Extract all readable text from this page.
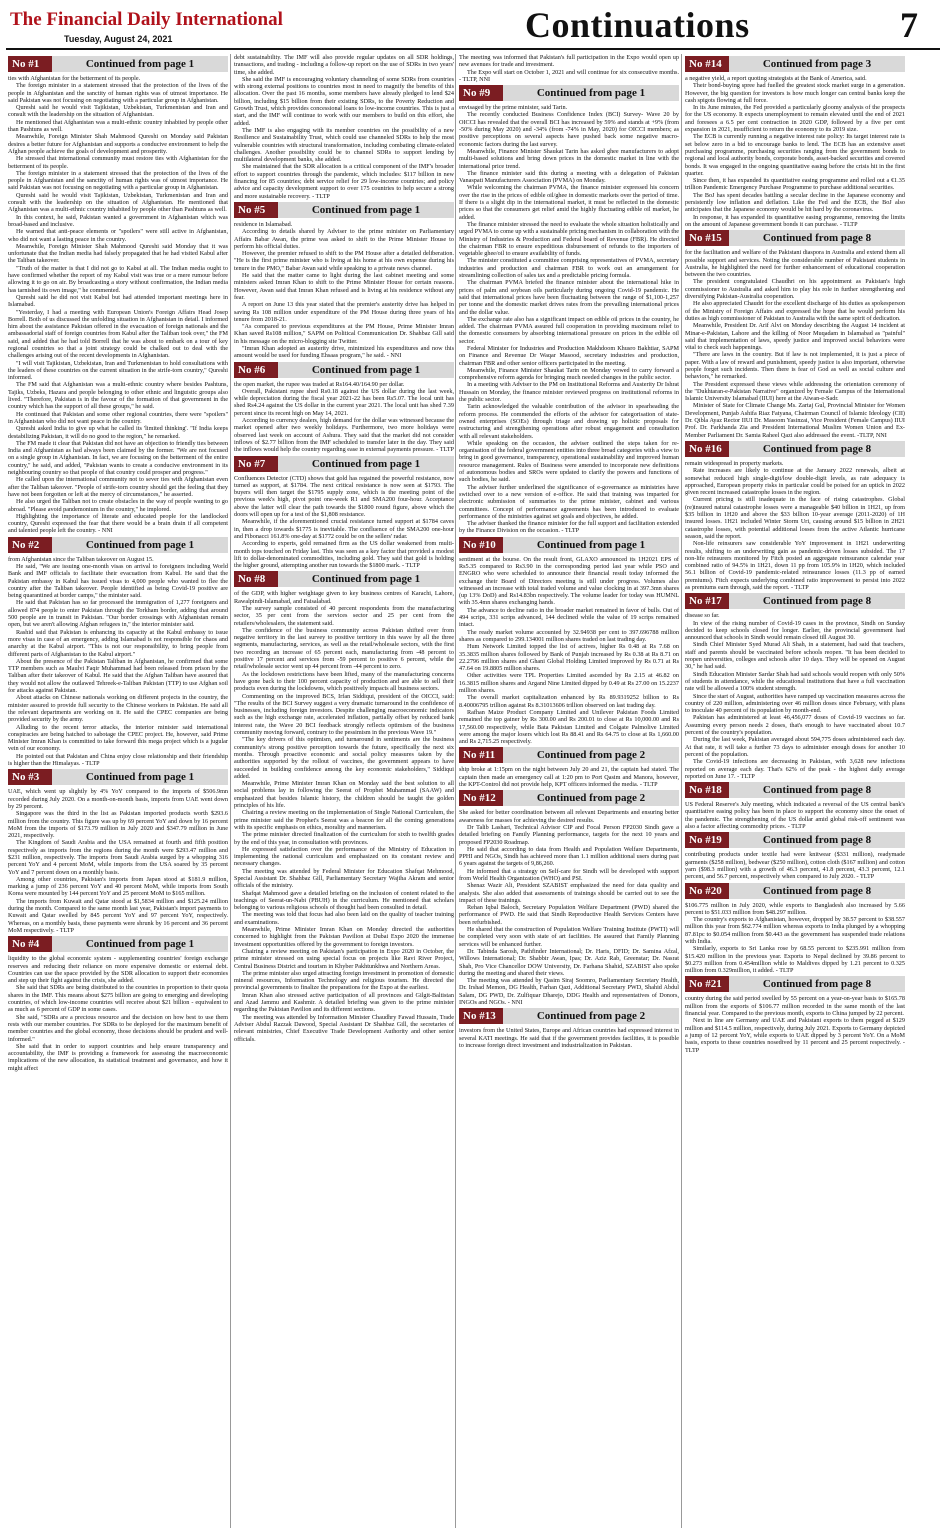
The Financial Daily International
Tuesday, August 24, 2021	Continuations	7
No #1	Continued from page 1

ties with Afghanistan for the betterment of its people.

The foreign minister in a statement stressed that the protection of the lives of the people in Afghanistan and the sanctity of human rights was of utmost importance. He said Pakistan was not focusing on negotiating with a particular group in Afghanistan.

Qureshi said he would visit Tajikistan, Uzbekistan, Turkmenistan and Iran and consult with the leadership on the situation of Afghanistan.

He mentioned that Afghanistan was a multi-ethnic country inhabited by people other than Pashtuns as well.

Meanwhile, Foreign Minister Shah Mahmood Qureshi on Monday said Pakistan desires a better future for Afghanistan and supports a conducive environment to help the Afghan people achieve the goals of development and prosperity.

He stressed that international community must restore ties with Afghanistan for the betterment of its people.

The foreign minister in a statement stressed that the protection of the lives of the people in Afghanistan and the sanctity of human rights was of utmost importance. He said Pakistan was not focusing on negotiating with a particular group in Afghanistan.

Qureshi said he would visit Tajikistan, Uzbekistan, Turkmenistan and Iran and consult with the leadership on the situation of Afghanistan. He mentioned that Afghanistan was a multi-ethnic country inhabited by people other than Pashtuns as well.

In this context, he said, Pakistan wanted a government in Afghanistan which was broad-based and inclusive.

He warned that anti-peace elements or "spoilers" were still active in Afghanistan, who did not want a lasting peace in the country.

Meanwhile, Foreign Minister Shah Mahmood Qureshi said Monday that it was unfortunate that the Indian media had falsely propagated that he had visited Kabul after the Taliban takeover.

"Truth of the matter is that I did not go to Kabul at all. The Indian media ought to have confirmed whether the report of my Kabul visit was true or a mere rumour before allowing it to go on air. By broadcasting a story without confirmation, the Indian media has tarnished its own image," he commented.

Qureshi said he did not visit Kabul but had attended important meetings here in Islamabad.

"Yesterday, I had a meeting with European Union's Foreign Affairs Head Josep Borrell. Both of us discussed the unfolding situation in Afghanistan in detail. I informed him about the assistance Pakistan offered in the evacuation of foreign nationals and the ambassadorial staff of foreign countries from Kabul after the Taliban took over," the FM said, and added that he had told Borrell that he was about to embark on a tour of key regional countries so that a joint strategy could be chalked out to deal with the challenges arising out of the recent developments in Afghanistan.

"I will visit Tajikistan, Uzbekistan, Iran and Turkmenistan to hold consultations with the leaders of these countries on the current situation in the strife-torn country," Qureshi informed.

The FM said that Afghanistan was a multi-ethnic country where besides Pashtuns, Tajiks, Uzbeks, Hazara and people belonging to other ethnic and linguistic groups also lived. "Therefore, Pakistan is in the favour of the formation of that government in the country which has the support of all these groups," he said.

He continued that Pakistan and some other regional countries, there were "spoilers" in Afghanistan who did not want peace in the country.

Qureshi asked India to give up what he called its 'limited thinking'. "If India keeps destabilizing Pakistan, it will do no good to the region," he remarked.

The FM made it clear that Pakistan did not have an objection to friendly ties between India and Afghanistan as had always been claimed by the former. "We are not focused on a single group in Afghanistan. In fact, we are focusing on the betterment of the entire country," he said, and added, "Pakistan wants to create a conducive environment in its neighbouring country so that people of that country could prosper and progress."

He called upon the international community not to sever ties with Afghanistan even after the Taliban takeover. "People of strife-torn country should get the feeling that they have not been forgotten or left at the mercy of circumstances," he asserted.

He also urged the Taliban not to create obstacles in the way of people wanting to go abroad. "Please avoid pandemonium in the country," he implored.

Highlighting the importance of literate and educated people for the landlocked country, Qureshi expressed the fear that there would be a brain drain if all competent and talented people left the country. - NNI

No #2	Continued from page 1

from Afghanistan since the Taliban takeover on August 15.

He said, "We are issuing one-month visas on arrival to foreigners including World Bank and IMF officials to facilitate their evacuation from Kabul. He said that the Pakistan embassy in Kabul has issued visas to 4,000 people who wanted to flee the country after the Taliban takeover. People identified as being Covid-19 positive are being quarantined at border camps," the minister said.

He said that Pakistan has so far processed the immigration of 1,277 foreigners and allowed 874 people to enter Pakistan through the Torkham border, adding that around 500 people are in transit in Pakistan. "Our border crossings with Afghanistan remain open, but we aren't allowing Afghan refugees in," the interior minister said.

Rashid said that Pakistan is enhancing its capacity at the Kabul embassy to issue more visas in case of an emergency, adding Islamabad is not responsible for chaos and anarchy at the Kabul airport. "This is not our responsibility, to bring people from different parts of Afghanistan to the Kabul airport."

About the presence of the Pakistan Taliban in Afghanistan, he confirmed that some TTP members such as Maulvi Faqir Muhammad had been released from prison by the Taliban after their takeover of Kabul. He said that the Afghan Taliban have assured that they would not allow the outlawed Tehreek-e-Taliban Pakistan (TTP) to use Afghan soil for attacks against Pakistan.

About attacks on Chinese nationals working on different projects in the country, the minister assured to provide full security to the Chinese workers in Pakistan. He said all the relevant departments are working on it. He said the CPEC companies are being provided security by the army.

Alluding to the recent terror attacks, the interior minister said international conspiracies are being hatched to sabotage the CPEC project. He, however, said Prime Minister Imran Khan is committed to take forward this mega project which is a jugular vein of our economy.

He pointed out that Pakistan and China enjoy close relationship and their friendship is higher than the Himalayas. - TLTP

No #3	Continued from page 1

UAE, which went up slightly by 4% YoY compared to the imports of $506.9mn recorded during July 2020. On a month-on-month basis, imports from UAE went down by 29 percent.

Singapore was the third in the list as Pakistan imported products worth $293.6 million from the country. This figure was up by 69 percent YoY and down by 16 percent MoM from the imports of $173.79 million in July 2020 and $347.79 million in June 2021, respectively.

The Kingdom of Saudi Arabia and the USA remained at fourth and fifth position respectively as imports from the regions during the month were $293.47 million and $231 million, respectively. The imports from Saudi Arabia surged by a whopping 316 percent YoY and 4 percent MoM, while imports from the USA soared by 35 percent YoY and 7 percent down on a monthly basis.

Among other countries, Pakistan's imports from Japan stood at $181.9 million, marking a jump of 236 percent YoY and 40 percent MoM, while imports from South Korea were mounted by 144 percent YoY and 25 percent MoM to $165 million.

The imports from Kuwait and Qatar stood at $1,5834 million and $125.24 million during the month. Compared to the same month last year, Pakistan's import payments to Kuwait and Qatar swelled by 845 percent YoY and 97 percent YoY, respectively. Whereas, on a monthly basis, these payments were shrunk by 16 percent and 36 percent MoM respectively. - TLTP

No #4	Continued from page 1

liquidity to the global economic system - supplementing countries' foreign exchange reserves and reducing their reliance on more expensive domestic or external debt. Countries can use the space provided by the SDR allocation to support their economies and step up their fight against the crisis, she added.

She said that SDRs are being distributed to the countries in proportion to their quota shares in the IMF. This means about $275 billion are going to emerging and developing countries, of which low-income countries will receive about $21 billion - equivalent to as much as 6 percent of GDP in some cases.

She said, "SDRs are a precious resource and the decision on how best to use them rests with our member countries. For SDRs to be deployed for the maximum benefit of member countries and the global economy, those decisions should be prudent and well-informed."

She said that in order to support countries and help ensure transparency and accountability, the IMF is providing a framework for assessing the macroeconomic implications of the new allocation, its statistical treatment and governance, and how it might affect

debt sustainability. The IMF will also provide regular updates on all SDR holdings, transactions, and trading - including a follow-up report on the use of SDRs in two years' time, she added.

She said the IMF is encouraging voluntary channeling of some SDRs from countries with strong external positions to countries most in need to magnify the benefits of this allocation. Over the past 16 months, some members have already pledged to lend $24 billion, including $15 billion from their existing SDRs, to the Poverty Reduction and Growth Trust, which provides concessional loans to low-income countries. This is just a start, and the IMF will continue to work with our members to build on this effort, she added.

The IMF is also engaging with its member countries on the possibility of a new Resilience and Sustainability Trust, which could use channeled SDRs to help the most vulnerable countries with structural transformation, including combating climate-related challenges. Another possibility could be to channel SDRs to support lending by multilateral development banks, she added.

She maintained that the SDR allocation is a critical component of the IMF's broader effort to support countries through the pandemic, which includes: $117 billion in new financing for 85 countries; debt service relief for 29 low-income countries; and policy advice and capacity development support to over 175 countries to help secure a strong and more sustainable recovery. - TLTP

No #5	Continued from page 1

residence in Islamabad.

According to details shared by Adviser to the prime minister on Parliamentary Affairs Babar Awan, the prime was asked to shift to the Prime Minister House to perform his official duties.

However, the premier refused to shift to the PM House after a detailed deliberation. "He is the first prime minister who is living at his home at his own expense during his tenure in the PMO," Babar Awan said while speaking to a private news channel.

He said that the matter came to light during the last cabinet meeting and some ministers asked Imran Khan to shift to the Prime Minister House for certain reasons. However, Awan said that Imran Khan refused and is living at his residence without any fear.

A report on June 13 this year stated that the premier's austerity drive has helped in saving Rs 108 million under expenditure of the PM House during three years of his tenure from 2018-21.

"As compared to previous expenditures at the PM House, Prime Minister Imran Khan saved Rs108 million," SAPM on Political Communication Dr. Shahbaz Gill said in his message on the micro-blogging site Twitter.

"Imran Khan adopted an austerity drive, minimized his expenditures and now this amount would be used for funding Ehsaas program," he said. - NNI

No #6	Continued from page 1

the open market, the rupee was traded at Rs164.40/164.90 per dollar.

Overall, Pakistani rupee shed Rs0.18 against the US dollar during the last week, while depreciation during the fiscal year 2021-22 has been Rs5.07. The local unit has shed Rs4.24 against the US dollar in the current year 2021. The local unit has shed 7.39 percent since its recent high on May 14, 2021.

According to currency dealers, high demand for the dollar was witnessed because the market opened after two weekly holidays. Furthermore, two more holidays were observed last week on account of Ashura. They said that the market did not consider inflows of $2.77 billion from the IMF scheduled to transfer later in the day. They said the inflows would help the country regarding ease in external payments pressure. - TLTP

No #7	Continued from page 1

Confluences Detector (CTD) shows that gold has regained the powerful resistance, now turned as support, at $1784. The next critical resistance is now seen at $1793. The buyers will then target the $1795 supply zone, which is the meeting point of the previous week's high, pivot point one-week R1 and SMA200 four-hour. Acceptance above the latter will clear the path towards the $1800 round figure, above which the doors will open up for a test of the $1,808 resistance.

Meanwhile, if the aforementioned crucial resistance turned support at $1784 caves in, then a drop towards $1775 is inevitable. The confluence of the SMA200 one-hour and Fibonacci 161.8% one-day at $1772 could be on the sellers' radar.

According to experts, gold remained firm as the US dollar weakened from multi-month tops touched on Friday last. This was seen as a key factor that provided a modest lift to dollar-denominated commodities, including gold. They said that gold is holding the higher ground, attempting another run towards the $1800 mark. - TLTP

No #8	Continued from page 1

of the GDP, with higher weightage given to key business centres of Karachi, Lahore, Rawalpindi-Islamabad, and Faisalabad.

The survey sample consisted of 40 percent respondents from the manufacturing sector, 35 per cent from the services sector and 25 per cent from the retailers/wholesalers, the statement said.

The confidence of the business community across Pakistan shifted over from negative territory in the last survey to positive territory in this wave by all the three segments, manufacturing, services, as well as the retail/wholesale sectors, with the first two recording an increase of 65 percent each, manufacturing from -48 percent to positive 17 percent and services from -59 percent to positive 6 percent, while the retail/wholesale sector went up 44 percent from -44 percent to zero.

As the lockdown restrictions have been lifted, many of the manufacturing concerns have gone back to their 100 percent capacity of production and are able to sell their products even during the lockdowns, which positively impacts all business sectors.

Commenting on the improved BCS, Irfan Siddiqui, president of the OICCI, said: "The results of the BCI Survey suggest a very dramatic turnaround in the confidence of businesses, including foreign investors. Despite challenging macroeconomic indicators such as the high exchange rate, accelerated inflation, partially offset by reduced bank interest rate, the Wave 20 BCI feedback strongly reflects optimism of the business community moving forward, contrary to the pessimism in the previous Wave 19."

"The key drivers of this optimism, and turnaround in sentiments are the business community's strong positive perception towards the future, specifically the next six months. Through proactive economic and social policy measures taken by the authorities supported by the rollout of vaccines, the government appears to have succeeded in building confidence among the key economic stakeholders," Siddiqui added.

Meanwhile, Prime Minister Imran Khan on Monday said the best solution to all social problems lay in following the Seerat of Prophet Muhammad (SAAW) and emphasized that besides Islamic history, the children should be taught the golden principles of his life.

Chairing a review meeting on the implementation of Single National Curriculum, the prime minister said the Prophet's Seerat was a beacon for all the coming generations with its specific emphasis on ethics, morality and mannerism.

The prime minister directed finalization of the curriculum for sixth to twelfth grades by the end of this year, in consultation with provinces.

He expressed satisfaction over the performance of the Ministry of Education in implementing the national curriculum and emphasized on its constant review and necessary changes.

The meeting was attended by Federal Minister for Education Shafqat Mehmood, Special Assistant Dr. Shahbaz Gill, Parliamentary Secretary Wajiha Akram and senior officials of the ministry.

Shafqat Mahmood gave a detailed briefing on the inclusion of content related to the teachings of Seerat-un-Nabi (PBUH) in the curriculum. He mentioned that scholars belonging to various religious schools of thought had been consulted in detail.

The meeting was told that focus had also been laid on the quality of teacher training and examinations.

Meanwhile, Prime Minister Imran Khan on Monday directed the authorities concerned to highlight from the Pakistan Pavilion at Dubai Expo 2020 the immense investment opportunities offered by the government to foreign investors.

Chairing a review meeting on Pakistan's participation in Expo 2020 in October, the prime minister stressed on using special focus on projects like Ravi River Project, Central Business District and tourism in Khyber Pakhtunkhwa and Northern Areas.

The prime minister also urged attracting foreign investment in promotion of domestic mineral resources, Information Technology and religious tourism. He directed the provincial governments to finalize the preparations for the Expo at the earliest.

Imran Khan also stressed active participation of all provinces and Gilgit-Baltistan and Azad Jammu and Kashmir. A detailed briefing was given to the prime minister regarding the Pakistan Pavilion and its different sections.

The meeting was attended by Information Minister Chaudhry Fawad Hussain, Trade Adviser Abdul Razzak Dawood, Special Assistant Dr Shahbaz Gill, the secretaries of relevant ministries, Chief Executive Trade Development Authority and other senior officials.

The meeting was informed that Pakistan's full participation in the Expo would open up new avenues for trade and investment.

The Expo will start on October 1, 2021 and will continue for six consecutive months. - TLTP, NNI

No #9	Continued from page 1

envisaged by the prime minister, said Tarin.

The recently conducted Business Confidence Index (BCI) Survey- Wave 20 by OICCI has revealed that the overall BCI has increased by 59% and stands at +9% (from -50% during May 2020) and -34% (from -74% in May, 2020) for OICCI members; as positive perceptions on several aspects have pushed back some negative macro-economic factors during the last survey.

Meanwhile, Finance Minister Shaukat Tarin has asked ghee manufacturers to adopt multi-based solutions and bring down prices in the domestic market in line with the international price trend.

The finance minister said this during a meeting with a delegation of Pakistan Vanaspati Manufacturers Association (PVMA) on Monday.

While welcoming the chairman PVMA, the finance minister expressed his concern over the rise in the prices of edible oil/ghee in domestic markets over the period of time. If there is a slight dip in the international market, it must be reflected in the domestic prices so that the consumers get relief amid the highly fluctuating edible oil market, he added.

The finance minister stressed the need to evaluate the whole situation holistically and urged PVMA to come up with a sustainable pricing mechanism in collaboration with the Ministry of Industries & Production and Federal board of Revenue (FBR). He directed the chairman FBR to ensure expeditious disbursement of refunds to the importers of vegetable ghee/oil to ensure availability of funds.

The minister constituted a committee comprising representatives of PVMA, secretary industries and production and chairman FBR to work out an arrangement for streamlining collection of sales tax and a predictable pricing formula.

The chairman PVMA briefed the finance minister about the international hike in prices of palm and soybean oils particularly during ongoing Covid-19 pandemic. He said that international prices have been fluctuating between the range of $1,100-1,257 per tonne and the domestic market drives rates from the prevailing international prices and the dollar value.

The exchange rate also has a significant impact on edible oil prices in the country, he added. The chairman PVMA assured full cooperation in providing maximum relief to the domestic consumers by absorbing international pressure on prices in the edible oil sector.

Federal Minister for Industries and Production Makhdoom Khusro Bakhtiar, SAPM on Finance and Revenue Dr Waqar Masood, secretary industries and production, chairman FBR and other senior officers participated in the meeting.

Meanwhile, Finance Minister Shaukat Tarin on Monday vowed to carry forward a comprehensive reform agenda for bringing much needed changes in the public sector.

In a meeting with Adviser to the PM on Institutional Reforms and Austerity Dr Ishrat Hussain on Monday, the finance minister reviewed progress on institutional reforms in the public sector.

Tarin acknowledged the valuable contribution of the advisor in spearheading the reform process. He commended the efforts of the advisor for categorisation of state-owned enterprises (SOEs) through triage and drawing up holistic proposals for restructuring and strengthening operations after robust engagement and consultation with all relevant stakeholders.

While speaking on the occasion, the adviser outlined the steps taken for re-organisation of the federal government entities into three broad categories with a view to bring in good governance, transparency, operational sustainability and improved human resource management. Rules of Business were amended to incorporate new definitions of autonomous bodies and SROs were updated to clarify the powers and functions of such bodies, he said.

The adviser further underlined the significance of e-governance as ministries have switched over to a new version of e-office. He said that training was imparted for electronic submission of summaries to the prime minister, cabinet and various committees. Concept of performance agreements has been introduced to evaluate performance of the ministries against set goals and objectives, he added.

The adviser thanked the finance minister for the full support and facilitation extended by the Finance Division on the occasion. - TLTP

No #10	Continued from page 1

sentiment at the bourse. On the result front, GLAXO announced its 1H2021 EPS of Rs5.35 compared to Rs3.90 in the corresponding period last year while PSO and ENGRO who were scheduled to announce their financial result today informed the exchange their Board of Directors meeting is still under progress. Volumes also witnessed an increase with total traded volume and value clocking in at 397.3mn shares (up 13% DoD) and Rs14.83bn respectively. The volume leader for today was HUMNL with 35.4mn shares exchanging hands.

The advance to decline ratio in the broader market remained in favor of bulls. Out of 494 scrips, 331 scrips advanced, 144 declined while the value of 19 scrips remained intact.

The ready market volume accounted by 32.94938 per cent to 397.696788 million shares as compared to 299.134001 million shares traded on last trading day.

Hum Network Limited topped the list of actives, higher Rs 0.48 at Rs 7.68 on 35.3835 million shares followed by Bank of Punjab increased by Rs 0.38 at Rs 8.71 on 22.2796 million shares and Ghani Global Holding Limited improved by Rs 0.71 at Rs 47.64 on 19.8805 million shares.

Other activities were TPL Properties Limited ascended by Rs 2.15 at 46.82 on 16.3815 million shares and Argand Nine Limited dipped by 0.49 at Rs 27.00 on 15.2237 million shares.

The overall market capitalization enhanced by Rs 89.9319252 billion to Rs 8.40006795 trillion against Rs 8.31013606 trillion observed on last trading day.

Rafhan Maize Product Company Limited and Unilever Pakistan Foods Limited remained the top gainer by Rs 300.00 and Rs 200.01 to close at Rs 10,000.00 and Rs 17,560.00 respectively, while Bata Pakistan Limited and Colgate Palmolive Limited were among the major losers which lost Rs 88.41 and Rs 64.75 to close at Rs 1,660.00 and Rs 2,715.25 respectively.

No #11	Continued from page 2

ship broke at 1:15pm on the night between July 20 and 21, the captain had stated. The captain then made an emergency call at 1:20 pm to Port Qasim and Manora, however, the KPT-Control did not provide help, KPT officers informed the media. - TLTP

No #12	Continued from page 2

She asked for better coordination between all relevant Departments and ensuring better awareness for masses for achieving the desired results.

Dr Talib Lashari, Technical Advisor CIP and Focal Person FP2030 Sindh gave a detailed briefing on Family Planning performance, targets for the next 10 years and proposed FP2030 Roadmap.

He said that according to data from Health and Population Welfare Departments, PPHI and NGOs, Sindh has achieved more than 1.1 million additional users during past 6 years against the targets of 9,86,260.

He informed that a strategy on Self-care for Sindh will be developed with support from World Health Organization (WHO) and PSI.

Shenaz Wazir Ali, President SZABIST emphasized the need for data quality and analysis. She also added that assessments of trainings should be carried out to see the impact of these trainings.

Rehan Iqbal Baloch, Secretary Population Welfare Department (PWD) shared the performance of PWD. He said that Sindh Reproductive Health Services Centers have been refurbished.

He shared that the construction of Population Welfare Training Institute (PWTI) will be completed very soon with state of art facilities. He assured that Family Planning services will be enhanced further.

Dr. Tabinda Sarosh, Pathfinder International; Dr. Haris, DFID; Dr. Samina Afzal, Willows International; Dr. Shabbir Awan, Ipas; Dr. Aziz Rab, Greenstar; Dr. Nasrat Shah, Pro Vice Chancellor DOW University, Dr. Farhana Shahid, SZABIST also spoke during the meeting and shared their views.

The meeting was attended by Qasim Siraj Soomro, Parliamentary Secretary Health, Dr. Irshad Memon, DG Health, Farhan Qazi, Additional Secretary PWD, Shahid Abdul Salam, DG PWD, Dr. Zulfiquar Dharejo, DDG Health and representatives of Donors, INGOs and NGOs. - NNI

No #13	Continued from page 2

investors from the United States, Europe and African countries had expressed interest in several KATI meetings. He said that if the government provides facilities, it is possible to increase foreign direct investment and industrialization in Pakistan.

No #14	Continued from page 3

a negative yield, a report quoting strategists at the Bank of America, said.

Their bond-buying spree had fuelled the greatest stock market surge in a generation. However, the big question for investors is how much longer can central banks keep the cash spigots flowing at full force.

In its June minutes, the Fed provided a particularly gloomy analysis of the prospects for the US economy. It expects unemployment to remain elevated until the end of 2021 and foresees a 6.5 per cent contraction in 2020 GDP, followed by a five per cent expansion in 2021, insufficient to return the economy to its 2019 size.

The ECB is currently running a negative interest rate policy: Its target interest rate is set below zero in a bid to encourage banks to lend. The ECB has an extensive asset purchasing programme, purchasing securities ranging from the government bonds to regional and local authority bonds, corporate bonds, asset-backed securities and covered bonds. It was engaged in the ongoing quantitative easing before the crisis hit in the first quarter.

Since then, it has expanded its quantitative easing programme and rolled out a €1.35 trillion Pandemic Emergency Purchase Programme to purchase additional securities.

The BoJ has spent decades battling a secular decline in the Japanese economy and persistently low inflation and deflation. Like the Fed and the ECB, the BoJ also anticipates that the Japanese economy would be hit hard by the coronavirus.

In response, it has expanded its quantitative easing programme, removing the limits on the amount of Japanese government bonds it can purchase. - TLTP

No #15	Continued from page 8

for the facilitation and welfare of the Pakistani diaspora in Australia and extend them all possible support and services. Noting the considerable number of Pakistani students in Australia, he highlighted the need for further enhancement of educational cooperation between the two countries.

The president congratulated Chaudhri on his appointment as Pakistan's high commissioner to Australia and asked him to play his role in further strengthening and diversifying Pakistan-Australia cooperation.

He also appreciated Chaudri for the excellent discharge of his duties as spokesperson of the Ministry of Foreign Affairs and expressed the hope that he would perform his duties as high commissioner of Pakistan to Australia with the same spirit of dedication.

Meanwhile, President Dr. Arif Alvi on Monday describing the August 14 incident at Minar-e-Pakistan, Lahore and the killing of Noor Muqadam in Islamabad as "painful" said that implementation of laws, speedy justice and improved social behaviors were vital to check such happenings.

"There are laws in the country. But if law is not implemented, it is just a piece of paper. With a law of reward and punishment, speedy justice is also important, otherwise people forget such incidents. Then there is fear of God as well as social culture and behaviors," he remarked.

The President expressed these views while addressing the orientation ceremony of the "Dukhtaran-e-Pakistan Narrative" organized by Female Campus of the International Islamic University Islamabad (IIUI) here at the Aiwan-e-Sadr.

Minister of State for Climate Change Ms. Zartaj Gul, Provincial Minister for Women Development, Punjab Ashifa Riaz Fatyana, Chairman Council of Islamic Ideology (CII) Dr. Qibla Ayaz Rector IIUI Dr. Masoom Yasinzai, Vice President (Female Campus) IIUI Prof. Dr. Farkhanda Zia and President International Muslim Women Union and Ex-Member Parliament Dr. Samia Raheel Qazi also addressed the event. -TLTP, NNI

No #16	Continued from page 8

remain widespread in property markets.

Rate increases are likely to continue at the January 2022 renewals, albeit at somewhat reduced high single-digit/low double-digit levels, as rate adequacy is approached, European property risks in particular could be poised for an uptick in 2022 given recent increased catastrophe losses in the region.

Current pricing is still inadequate in the face of rising catastrophes. Global (re)insured natural catastrophe losses were a manageable $40 billion in 1H21, up from $35 billion in 1H20 and above the $33 billion 10-year average (2011-2020) of 1H insured losses. 1H21 included Winter Storm Uri, causing around $15 billion in 2H21 catastrophe losses, with potential additional losses from the active Atlantic hurricane season, said the report.

Non-life reinsurers saw considerable YoY improvement in 1H21 underwriting results, shifting to an underwriting gain as pandemic-driven losses subsided. The 17 non-life reinsurers monitored by Fitch posted an aggregate reinsurance calendar year combined ratio of 94.5% in 1H21, down 11 pp from 105.9% in 1H20, which included 56.1 billion of Covid-19 pandemic-related reinsurance losses (11.3 pp of earned premiums). Fitch expects underlying combined ratio improvement to persist into 2022 as premiums earn through, said the report. - TLTP

No #17	Continued from page 8

disease so far.

In view of the rising number of Covid-19 cases in the province, Sindh on Sunday decided to keep schools closed for longer. Earlier, the provincial government had announced that schools in Sindh would remain closed till August 30.

Sindh Chief Minister Syed Murad Ali Shah, in a statement, had said that teachers, staff and parents should be vaccinated before schools reopen. "It has been decided to reopen universities, colleges and schools after 10 days. They will be opened on August 30," he had said.

Sindh Education Minister Sardar Shah had said schools would reopen with only 50% of students in attendance, while the educational institutions that have a full vaccination rate will be allowed a 100% student strength.

Since the start of August, authorities have ramped up vaccination measures across the country of 220 million, administering over 46 million doses since February, with plans to inoculate 40 percent of its population by month-end.

Pakistan has administered at least 46,456,077 doses of Covid-19 vaccines so far. Assuming every person needs 2 doses, that's enough to have vaccinated about 10.7 percent of the country's population.

During the last week, Pakistan averaged about 594,775 doses administered each day. At that rate, it will take a further 73 days to administer enough doses for another 10 percent of the population.

The Covid-19 infections are decreasing in Pakistan, with 3,628 new infections reported on average each day. That's 62% of the peak - the highest daily average reported on June 17. - TLTP

No #18	Continued from page 8

US Federal Reserve's July meeting, which indicated a reversal of the US central bank's quantitative easing policy has been in place to support the economy since the onset of the pandemic. The strengthening of the US dollar amid global risk-off sentiment was also a factor affecting commodity prices. - TLTP

No #19	Continued from page 8

contributing products under textile had were knitwear ($331 million), readymade garments ($258 million), bedwear ($250 million), cotton cloth ($167 million) and cotton yarn ($98.3 million) with a growth of 46.3 percent, 41.8 percent, 43.3 percent, 12.1 percent, and 56.7 percent, respectively when compared to July 2020. - TLTP

No #20	Continued from page 8

$106.775 million in July 2020, while exports to Bangladesh also increased by 5.66 percent to $51.033 million from $48.297 million.

The country's exports to Afghanistan, however, dropped by 38.57 percent to $38.557 million this year from $62.774 million whereas exports to India plunged by a whopping 87.81pc to $0.054 million from $0.443 as the government has suspended trade relations with India.

Similarly, exports to Sri Lanka rose by 68.55 percent to $235.991 million from $15.420 million in the previous year. Exports to Nepal declined by 39.86 percent to $0.273 million from 0.454million while to Maldives dipped by 1.21 percent to 0.325 million from 0.329million, it added. - TLTP

No #21	Continued from page 8

country during the said period swelled by 55 percent on a year-on-year basis to $165.78 million from the exports of $106.77 million recorded in the same month of the last financial year. Compared to the previous month, exports to China jumped by 22 percent.

Next in line are Germany and UAE and Pakistani exports to them pegged at $129 million and $114.5 million, respectively, during July 2021. Exports to Germany depicted a jump of 12 percent YoY, while exports to UAE dipped by 3 percent YoY. On a MoM basis, exports to these countries nosedived by 11 percent and 25 percent respectively. - TLTP
